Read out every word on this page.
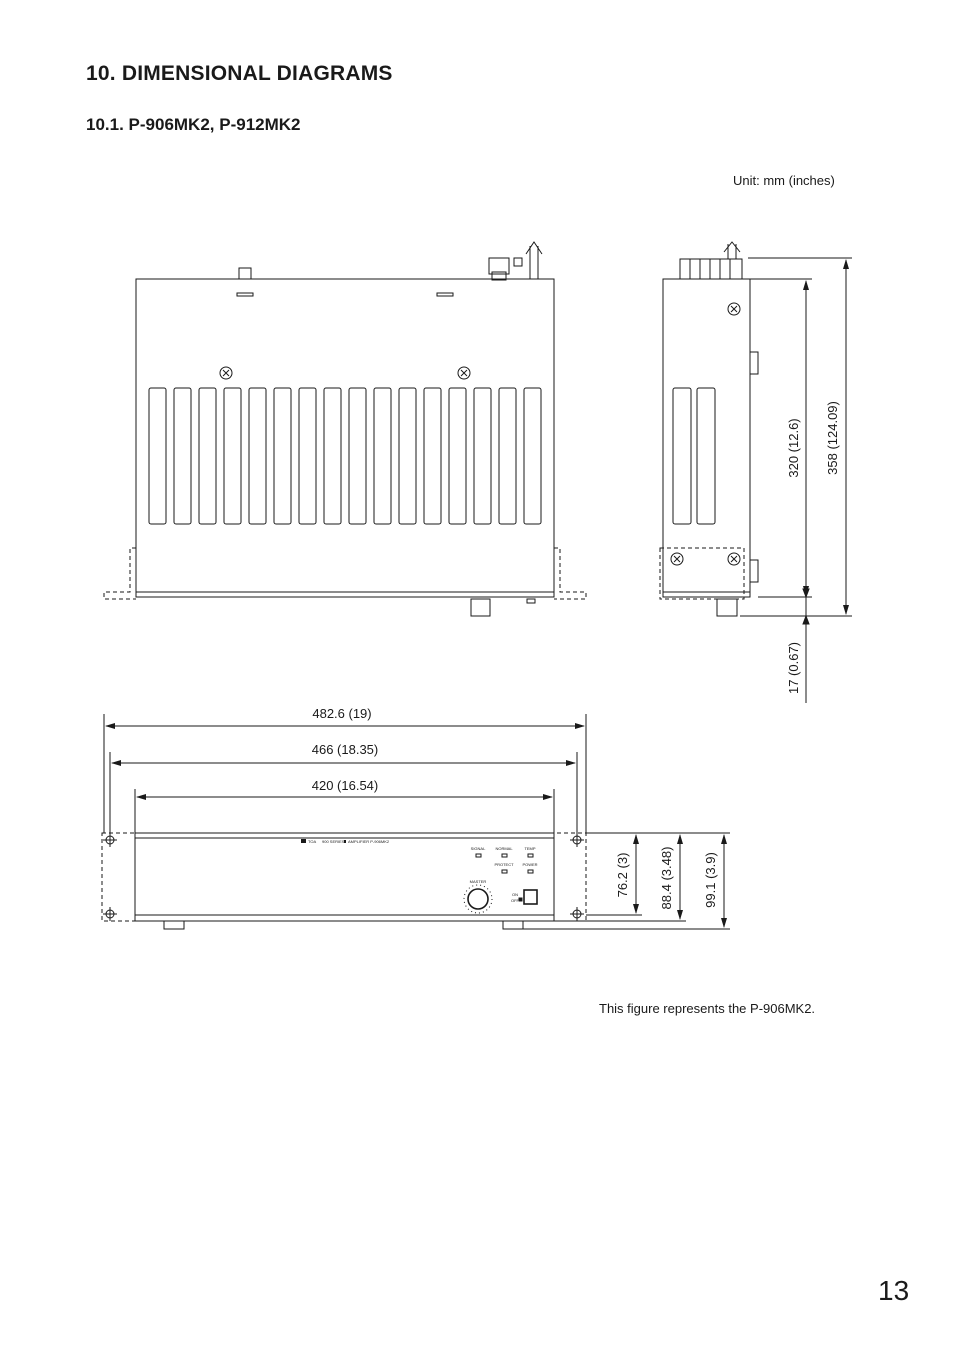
10. DIMENSIONAL DIAGRAMS
10.1. P-906MK2, P-912MK2
Unit: mm (inches)
This figure represents the P-906MK2.
13
320 (12.6) 358 (124.09)
17 (0.67)
482.6 (19)
466 (18.35)
420 (16.54)
TOA 900 SERIES AMPLIFIER P-906MK2
SIGNAL	NORMAL	TEMP
PROTECT POWER
MASTER
ON
OFF
76.2 (3) 88.4 (3.48) 99.1 (3.9)
